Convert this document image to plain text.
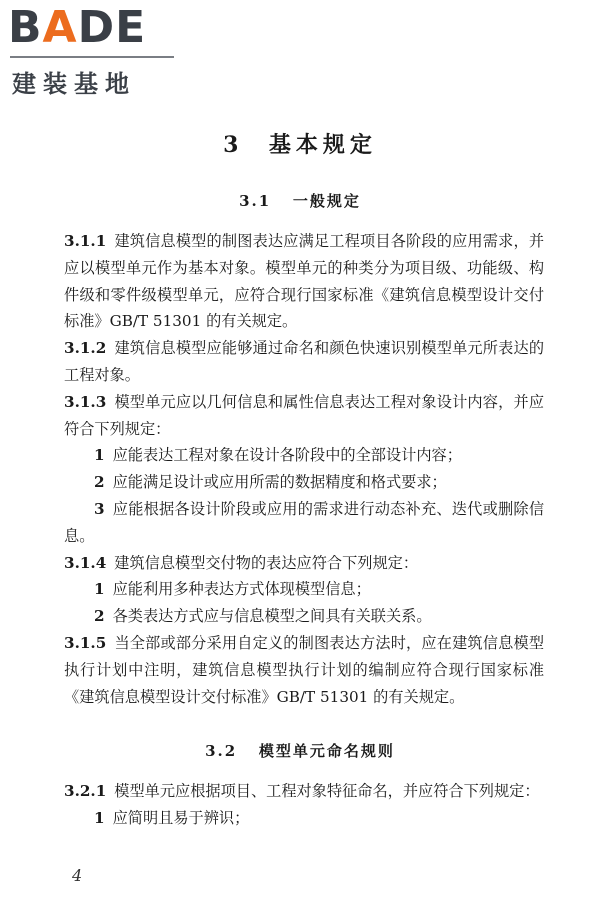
BADE
建装基地
3 基本规定
3.1 一般规定

3.1.1 建筑信息模型的制图表达应满足工程项目各阶段的应用需求，并应以模型单元作为基本对象。模型单元的种类分为项目级、功能级、构件级和零件级模型单元，应符合现行国家标准《建筑信息模型设计交付标准》GB/T 51301 的有关规定。

3.1.2 建筑信息模型应能够通过命名和颜色快速识别模型单元所表达的工程对象。

3.1.3 模型单元应以几何信息和属性信息表达工程对象设计内容，并应符合下列规定：

1 应能表达工程对象在设计各阶段中的全部设计内容；

2 应能满足设计或应用所需的数据精度和格式要求；

3 应能根据各设计阶段或应用的需求进行动态补充、迭代或删除信息。

3.1.4 建筑信息模型交付物的表达应符合下列规定：

1 应能利用多种表达方式体现模型信息；

2 各类表达方式应与信息模型之间具有关联关系。

3.1.5 当全部或部分采用自定义的制图表达方法时，应在建筑信息模型执行计划中注明，建筑信息模型执行计划的编制应符合现行国家标准《建筑信息模型设计交付标准》GB/T 51301 的有关规定。

3.2 模型单元命名规则

3.2.1 模型单元应根据项目、工程对象特征命名，并应符合下列规定：

1 应简明且易于辨识；

4
